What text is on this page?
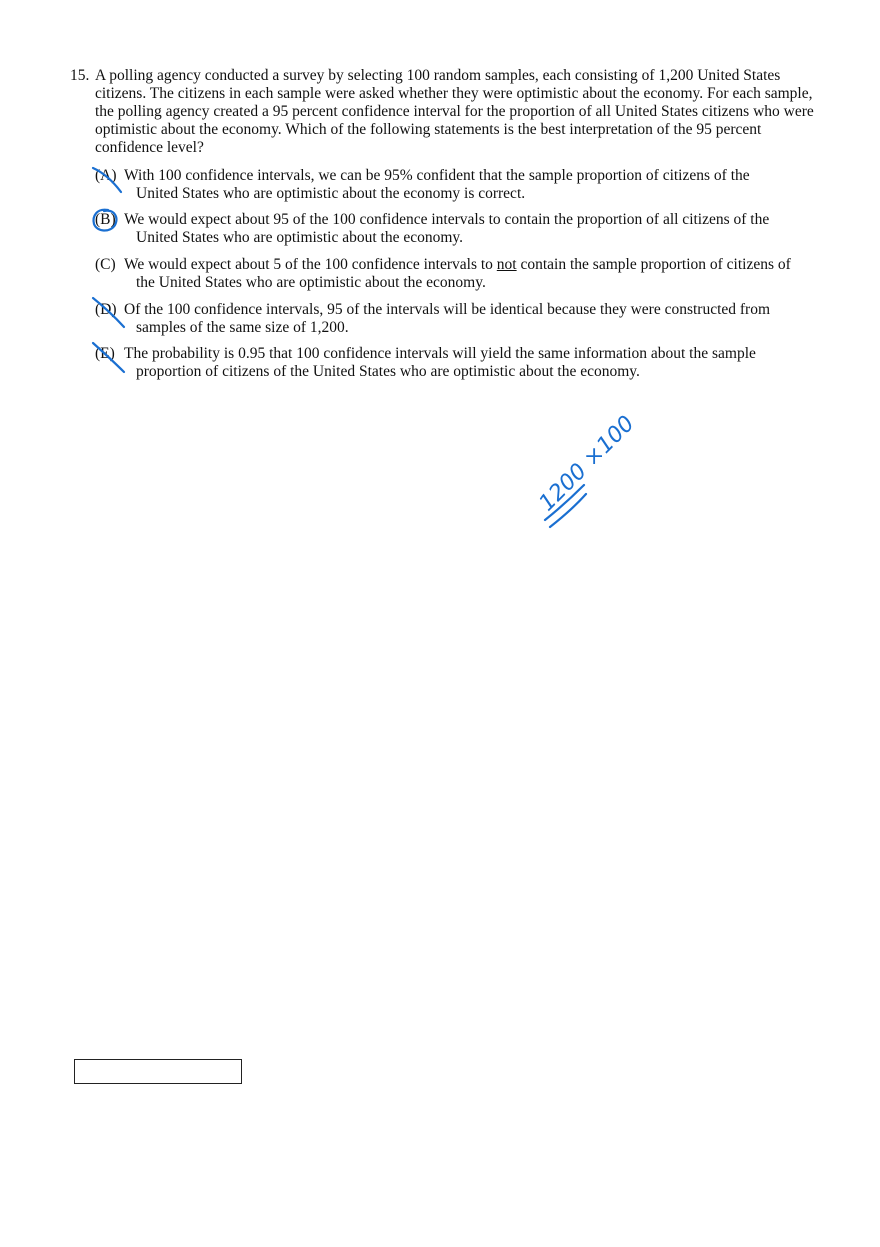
15. A polling agency conducted a survey by selecting 100 random samples, each consisting of 1,200 United States citizens. The citizens in each sample were asked whether they were optimistic about the economy. For each sample, the polling agency created a 95 percent confidence interval for the proportion of all United States citizens who were optimistic about the economy. Which of the following statements is the best interpretation of the 95 percent confidence level?

(A) With 100 confidence intervals, we can be 95% confident that the sample proportion of citizens of the
United States who are optimistic about the economy is correct.
(B) We would expect about 95 of the 100 confidence intervals to contain the proportion of all citizens of the
United States who are optimistic about the economy.
(C) We would expect about 5 of the 100 confidence intervals to not contain the sample proportion of citizens of
the United States who are optimistic about the economy.
(D) Of the 100 confidence intervals, 95 of the intervals will be identical because they were constructed from
samples of the same size of 1,200.
(E) The probability is 0.95 that 100 confidence intervals will yield the same information about the sample
proportion of citizens of the United States who are optimistic about the economy.
1200 ×100
